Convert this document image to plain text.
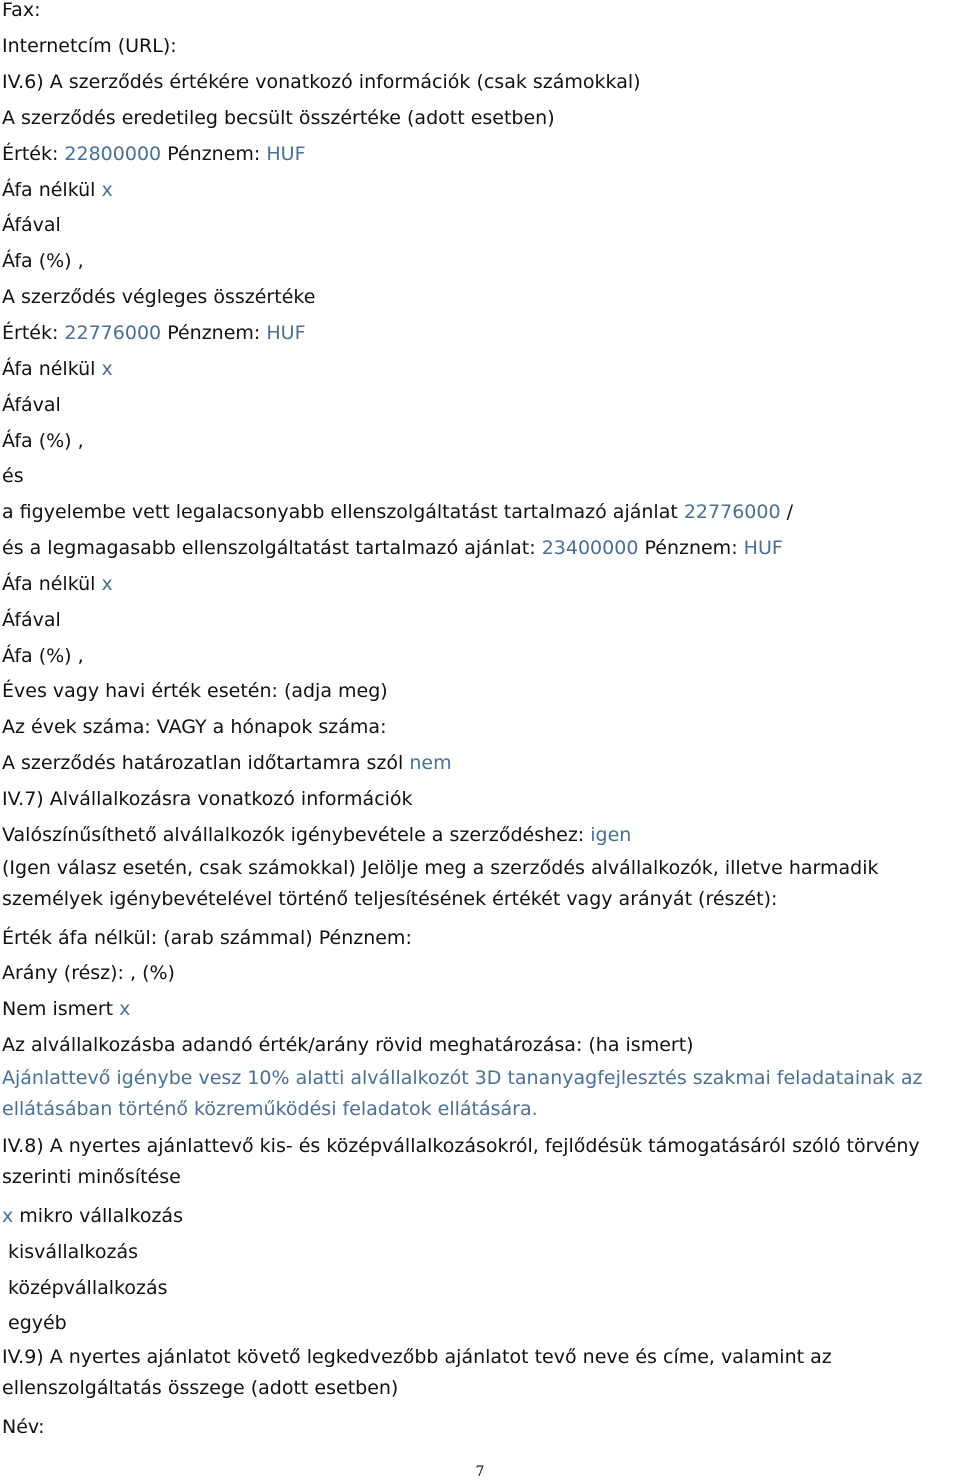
Fax:
Internetcím (URL):
IV.6) A szerződés értékére vonatkozó információk (csak számokkal)
A szerződés eredetileg becsült összértéke (adott esetben)
Érték: 22800000 Pénznem: HUF
Áfa nélkül x
Áfával
Áfa (%) ,
A szerződés végleges összértéke
Érték: 22776000 Pénznem: HUF
Áfa nélkül x
Áfával
Áfa (%) ,
és
a figyelembe vett legalacsonyabb ellenszolgáltatást tartalmazó ajánlat 22776000 /
és a legmagasabb ellenszolgáltatást tartalmazó ajánlat: 23400000 Pénznem: HUF
Áfa nélkül x
Áfával
Áfa (%) ,
Éves vagy havi érték esetén: (adja meg)
Az évek száma: VAGY a hónapok száma:
A szerződés határozatlan időtartamra szól nem
IV.7) Alvállalkozásra vonatkozó információk
Valószínűsíthető alvállalkozók igénybevétele a szerződéshez: igen
(Igen válasz esetén, csak számokkal) Jelölje meg a szerződés alvállalkozók, illetve harmadik személyek igénybevételével történő teljesítésének értékét vagy arányát (részét):
Érték áfa nélkül: (arab számmal) Pénznem:
Arány (rész): , (%)
Nem ismert x
Az alvállalkozásba adandó érték/arány rövid meghatározása: (ha ismert)
Ajánlattevő igénybe vesz 10% alatti alvállalkozót 3D tananyagfejlesztés szakmai feladatainak az ellátásában történő közreműködési feladatok ellátására.
IV.8) A nyertes ajánlattevő kis- és középvállalkozásokról, fejlődésük támogatásáról szóló törvény szerinti minősítése
x mikro vállalkozás
kisvállalkozás
középvállalkozás
egyéb
IV.9) A nyertes ajánlatot követő legkedvezőbb ajánlatot tevő neve és címe, valamint az ellenszolgáltatás összege (adott esetben)
Név:
7
